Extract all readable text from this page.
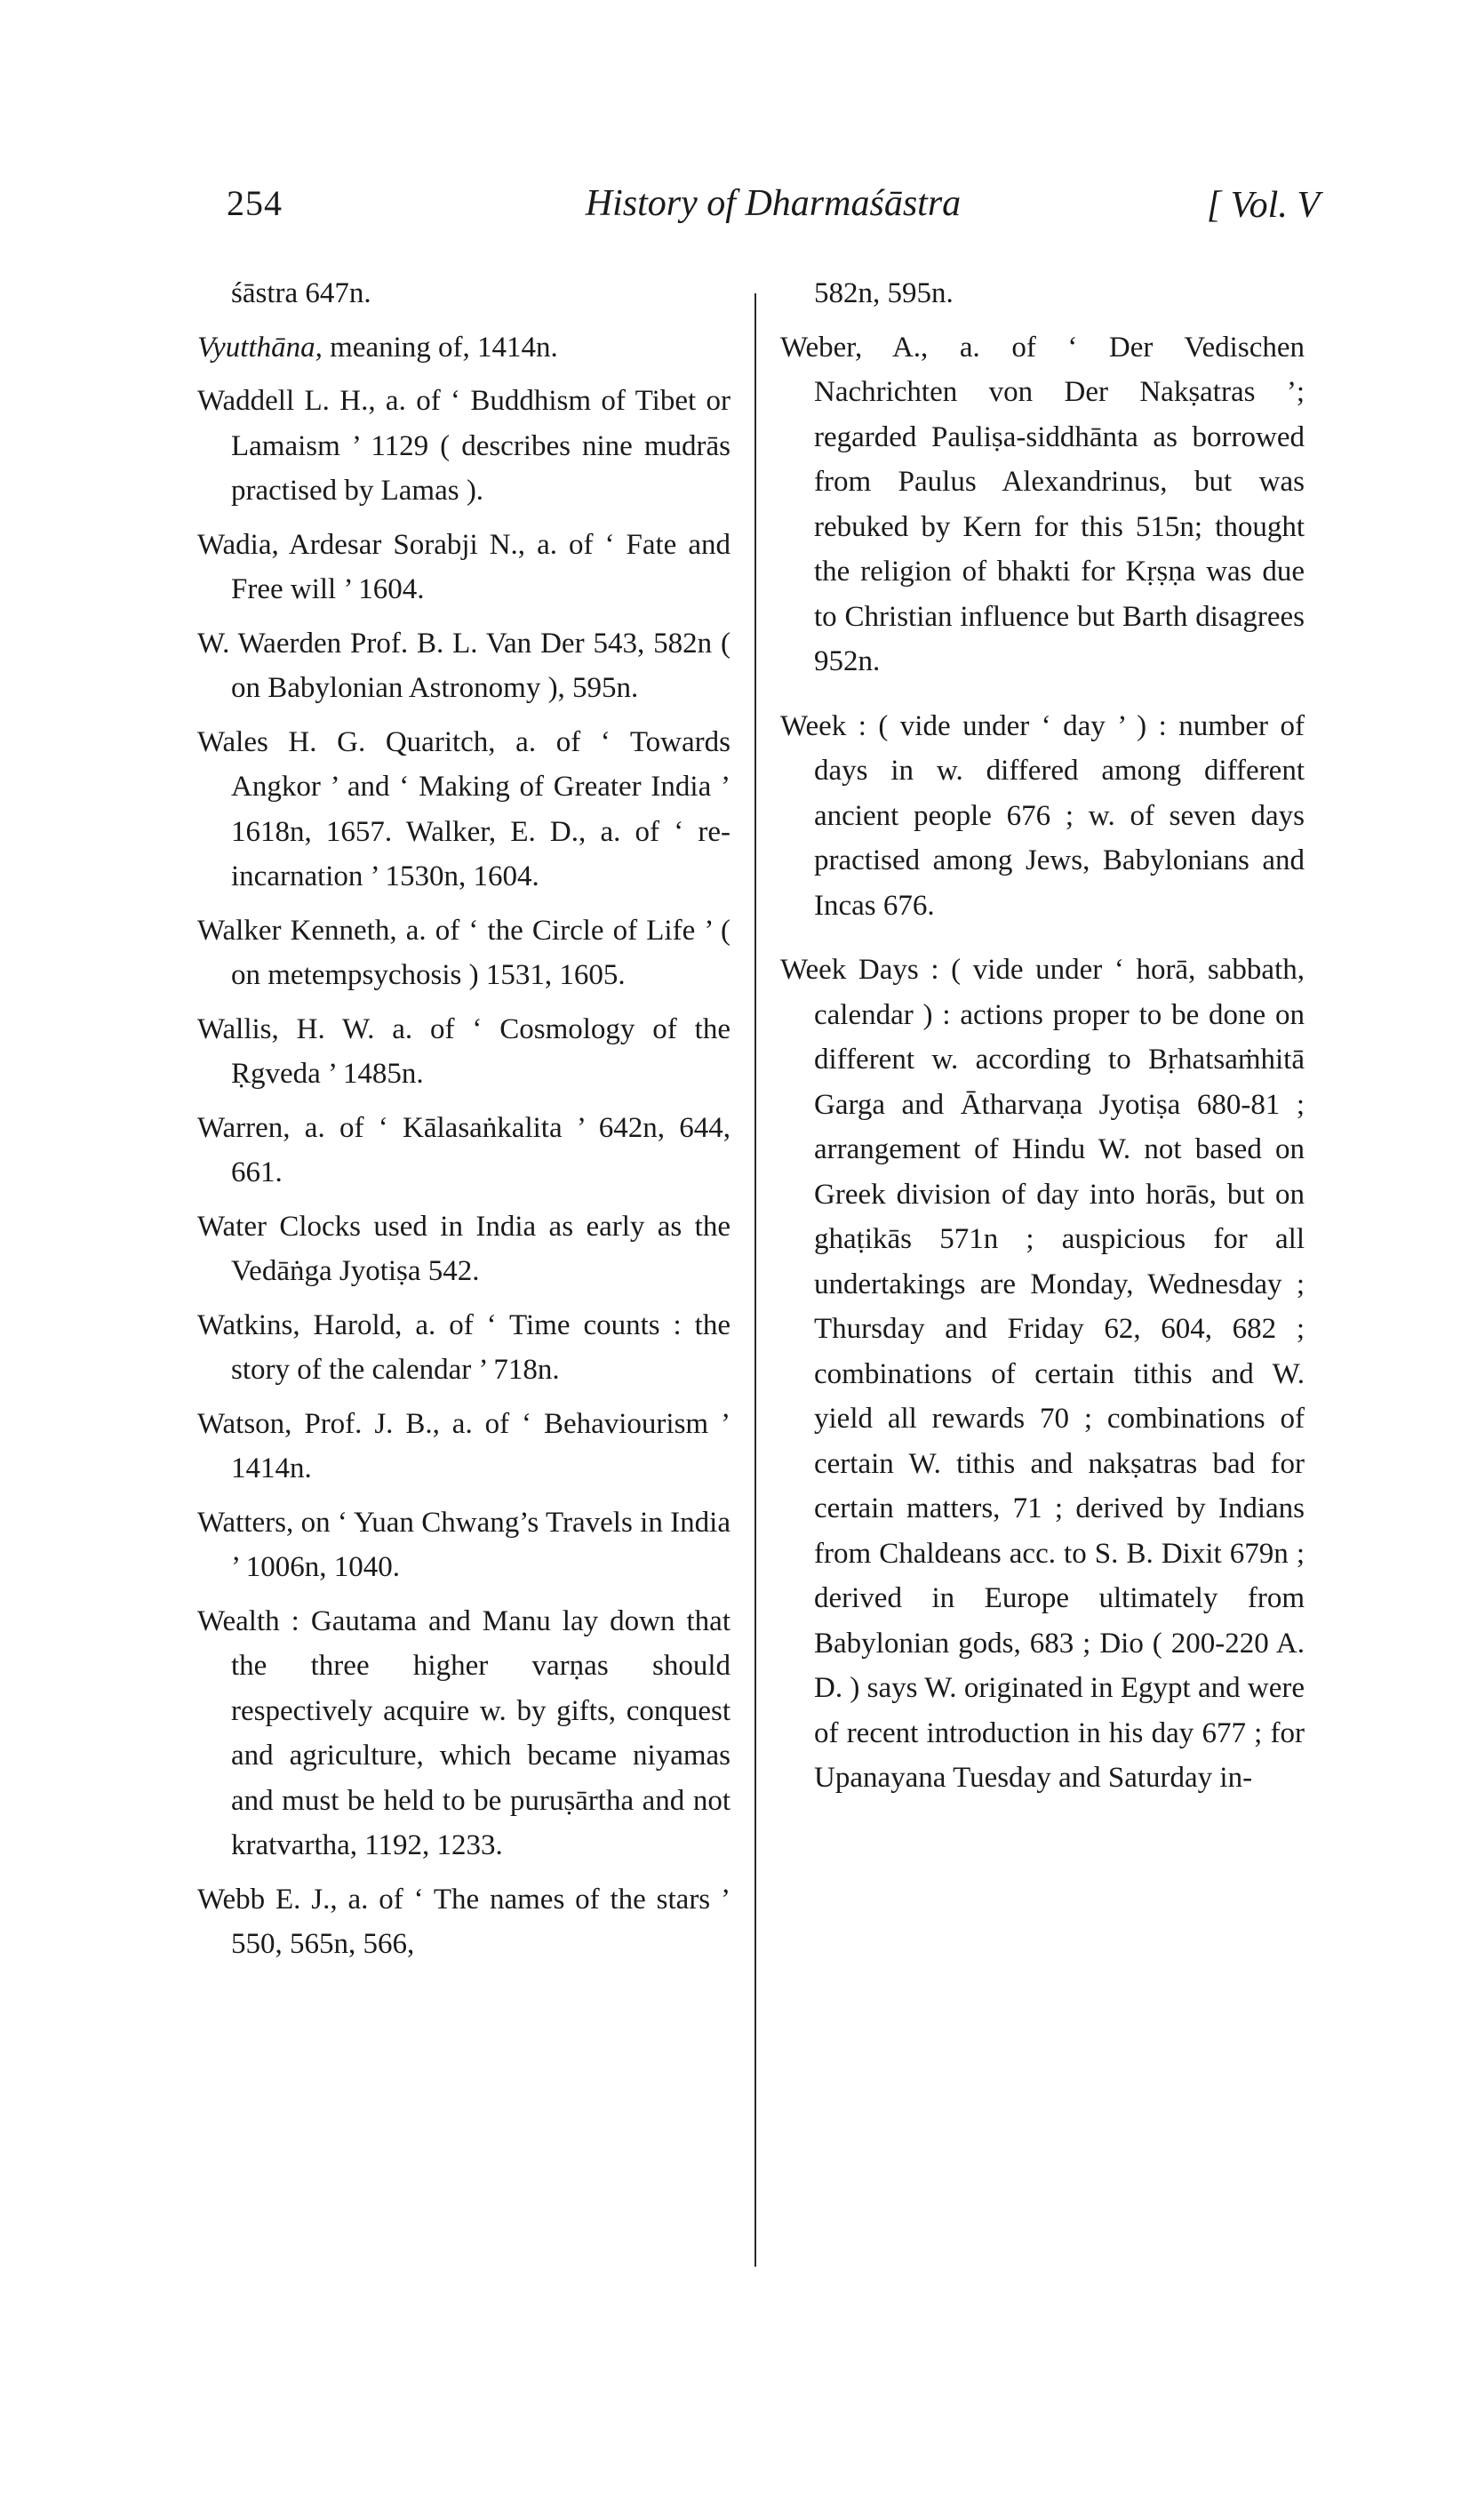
254	History of Dharmaśāstra	[ Vol. V

śāstra 647n.

Vyutthāna, meaning of, 1414n.

Waddell L. H., a. of ‘ Buddhism of Tibet or Lamaism ’ 1129 ( describes nine mudrās practised by Lamas ).

Wadia, Ardesar Sorabji N., a. of ‘ Fate and Free will ’ 1604.

W. Waerden Prof. B. L. Van Der 543, 582n ( on Babylonian Astronomy ), 595n.

Wales H. G. Quaritch, a. of ‘ Towards Angkor ’ and ‘ Making of Greater India ’ 1618n, 1657. Walker, E. D., a. of ‘ re-incarnation ’ 1530n, 1604.

Walker Kenneth, a. of ‘ the Circle of Life ’ ( on metempsychosis ) 1531, 1605.

Wallis, H. W. a. of ‘ Cosmology of the Ṛgveda ’ 1485n.

Warren, a. of ‘ Kālasaṅkalita ’ 642n, 644, 661.

Water Clocks used in India as early as the Vedāṅga Jyotiṣa 542.

Watkins, Harold, a. of ‘ Time counts : the story of the calendar ’ 718n.

Watson, Prof. J. B., a. of ‘ Behaviourism ’ 1414n.

Watters, on ‘ Yuan Chwang’s Travels in India ’ 1006n, 1040.

Wealth : Gautama and Manu lay down that the three higher varṇas should respectively acquire w. by gifts, conquest and agriculture, which became niyamas and must be held to be puruṣārtha and not kratvartha, 1192, 1233.

Webb E. J., a. of ‘ The names of the stars ’ 550, 565n, 566,

582n, 595n.

Weber, A., a. of ‘ Der Vedischen Nachrichten von Der Nakṣatras ’; regarded Pauliṣa-siddhānta as borrowed from Paulus Alexandrinus, but was rebuked by Kern for this 515n; thought the religion of bhakti for Kṛṣṇa was due to Christian influence but Barth disagrees 952n.

Week : ( vide under ‘ day ’ ) : number of days in w. differed among different ancient people 676 ; w. of seven days practised among Jews, Babylonians and Incas 676.

Week Days : ( vide under ‘ horā, sabbath, calendar ) : actions proper to be done on different w. according to Bṛhatsaṁhitā Garga and Ātharvaṇa Jyotiṣa 680-81 ; arrangement of Hindu W. not based on Greek division of day into horās, but on ghaṭikās 571n ; auspicious for all undertakings are Monday, Wednesday ; Thursday and Friday 62, 604, 682 ; combinations of certain tithis and W. yield all rewards 70 ; combinations of certain W. tithis and nakṣatras bad for certain matters, 71 ; derived by Indians from Chaldeans acc. to S. B. Dixit 679n ; derived in Europe ultimately from Babylonian gods, 683 ; Dio ( 200-220 A. D. ) says W. originated in Egypt and were of recent introduction in his day 677 ; for Upanayana Tuesday and Saturday in-
